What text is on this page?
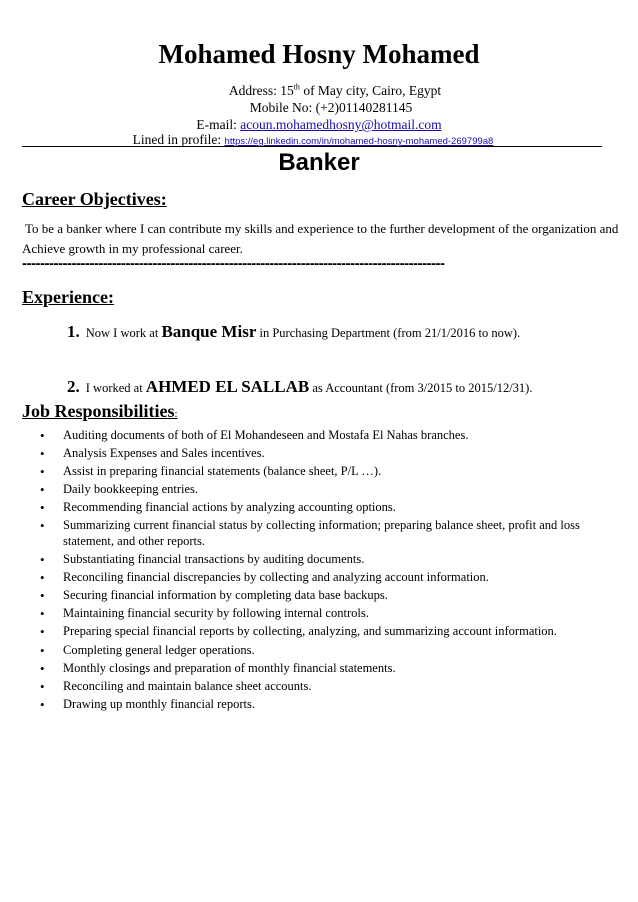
Mohamed Hosny Mohamed
Address: 15th of May city, Cairo, Egypt
Mobile No: (+2)01140281145
E-mail: acoun.mohamedhosny@hotmail.com
Lined in profile: https://eg.linkedin.com/in/mohamed-hosny-mohamed-269799a8
Banker
Career Objectives:
To be a banker where I can contribute my skills and experience to the further development of the organization and
Achieve growth in my professional career.
----------------------------------------------------------------------------------------------
Experience:
1. Now I work at Banque Misr in Purchasing Department (from 21/1/2016 to now).
2. I worked at AHMED EL SALLAB as Accountant (from 3/2015 to 2015/12/31).
Job Responsibilities:
• Auditing documents of both of El Mohandeseen and Mostafa El Nahas branches.
• Analysis Expenses and Sales incentives.
• Assist in preparing financial statements (balance sheet, P/L …).
• Daily bookkeeping entries.
• Recommending financial actions by analyzing accounting options.
• Summarizing current financial status by collecting information; preparing balance sheet, profit and loss statement, and other reports.
• Substantiating financial transactions by auditing documents.
• Reconciling financial discrepancies by collecting and analyzing account information.
• Securing financial information by completing data base backups.
• Maintaining financial security by following internal controls.
• Preparing special financial reports by collecting, analyzing, and summarizing account information.
• Completing general ledger operations.
• Monthly closings and preparation of monthly financial statements.
• Reconciling and maintain balance sheet accounts.
• Drawing up monthly financial reports.
